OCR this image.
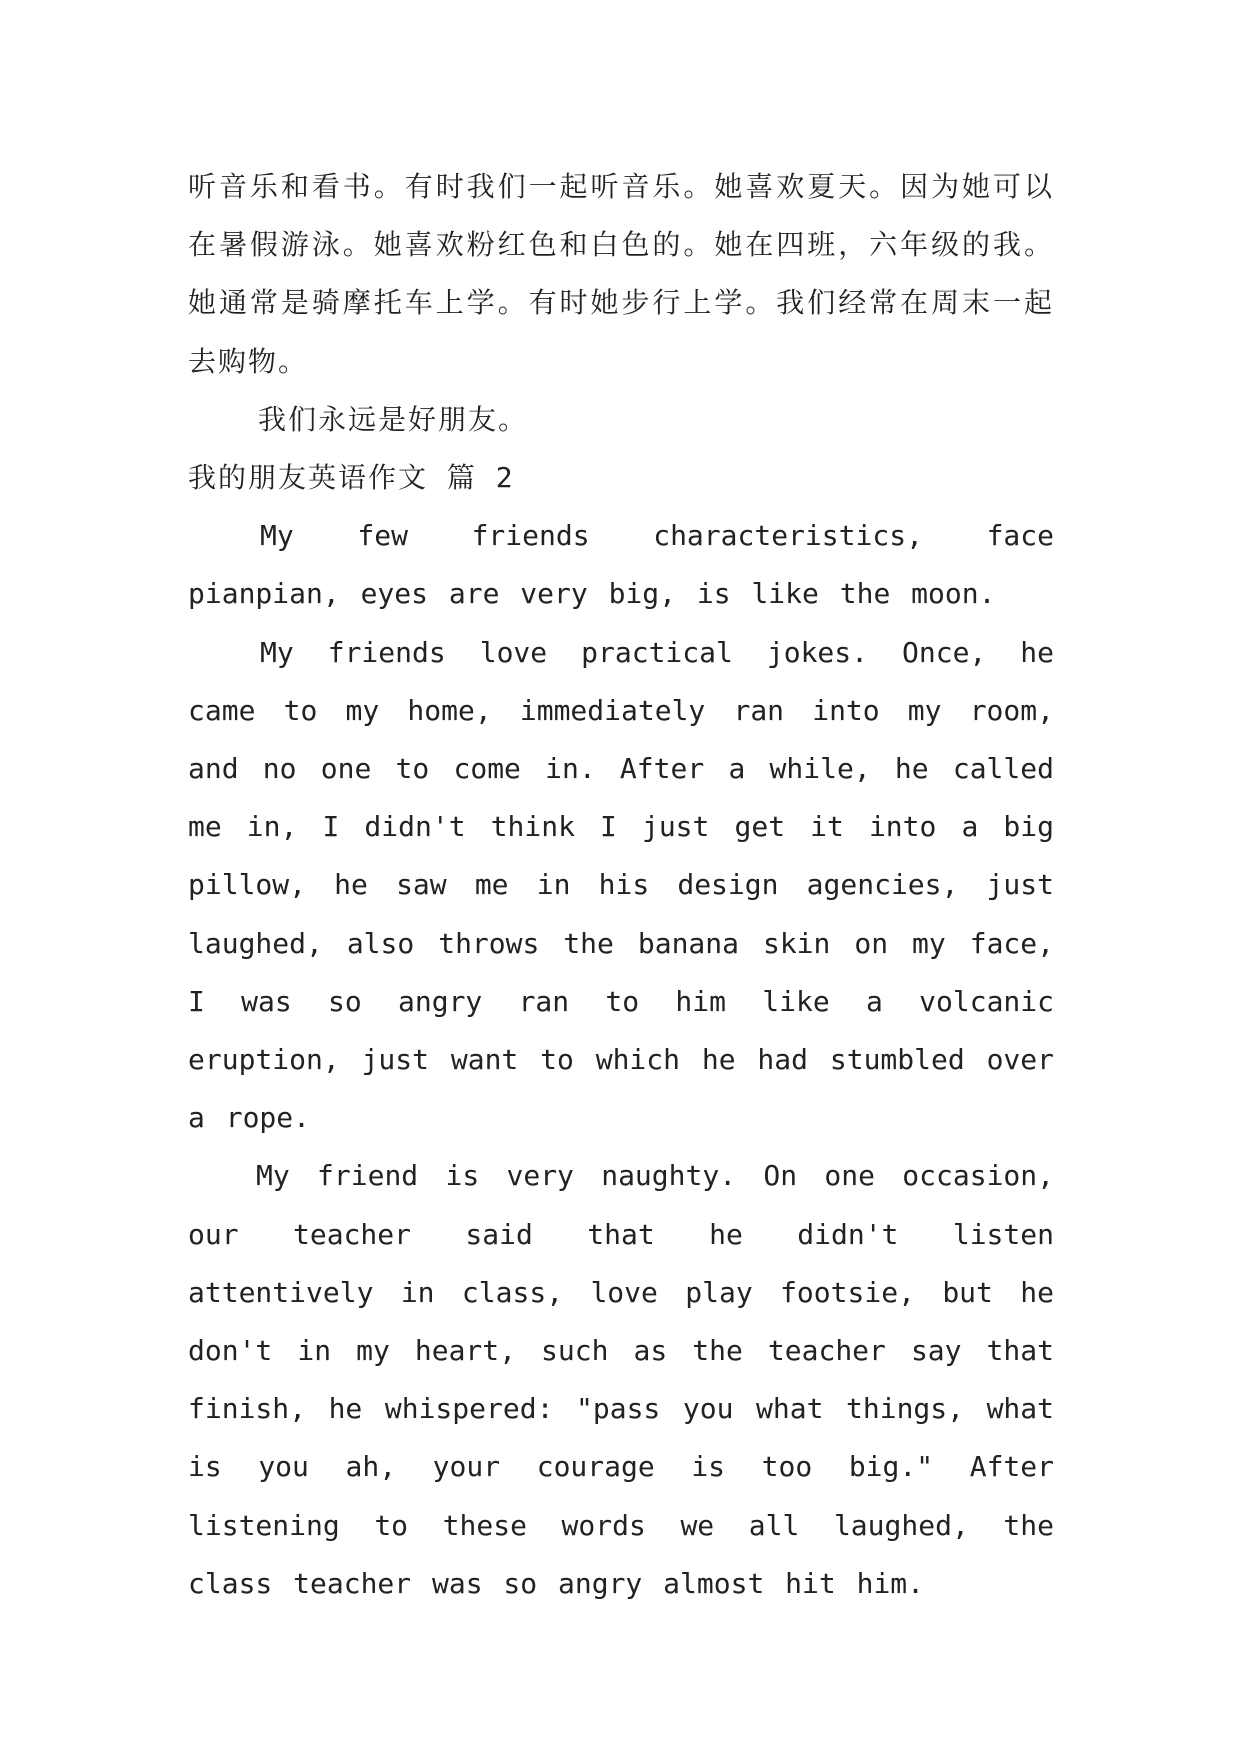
听音乐和看书。有时我们一起听音乐。她喜欢夏天。因为她可以在暑假游泳。她喜欢粉红色和白色的。她在四班，六年级的我。她通常是骑摩托车上学。有时她步行上学。我们经常在周末一起去购物。

我们永远是好朋友。

我的朋友英语作文 篇 2

My few friends characteristics, face pianpian, eyes are very big, is like the moon.

My friends love practical jokes. Once, he came to my home, immediately ran into my room, and no one to come in. After a while, he called me in, I didn't think I just get it into a big pillow, he saw me in his design agencies, just laughed, also throws the banana skin on my face, I was so angry ran to him like a volcanic eruption, just want to which he had stumbled over a rope.

My friend is very naughty. On one occasion, our teacher said that he didn't listen attentively in class, love play footsie, but he don't in my heart, such as the teacher say that finish, he whispered: "pass you what things, what is you ah, your courage is too big." After listening to these words we all laughed, the class teacher was so angry almost hit him.
